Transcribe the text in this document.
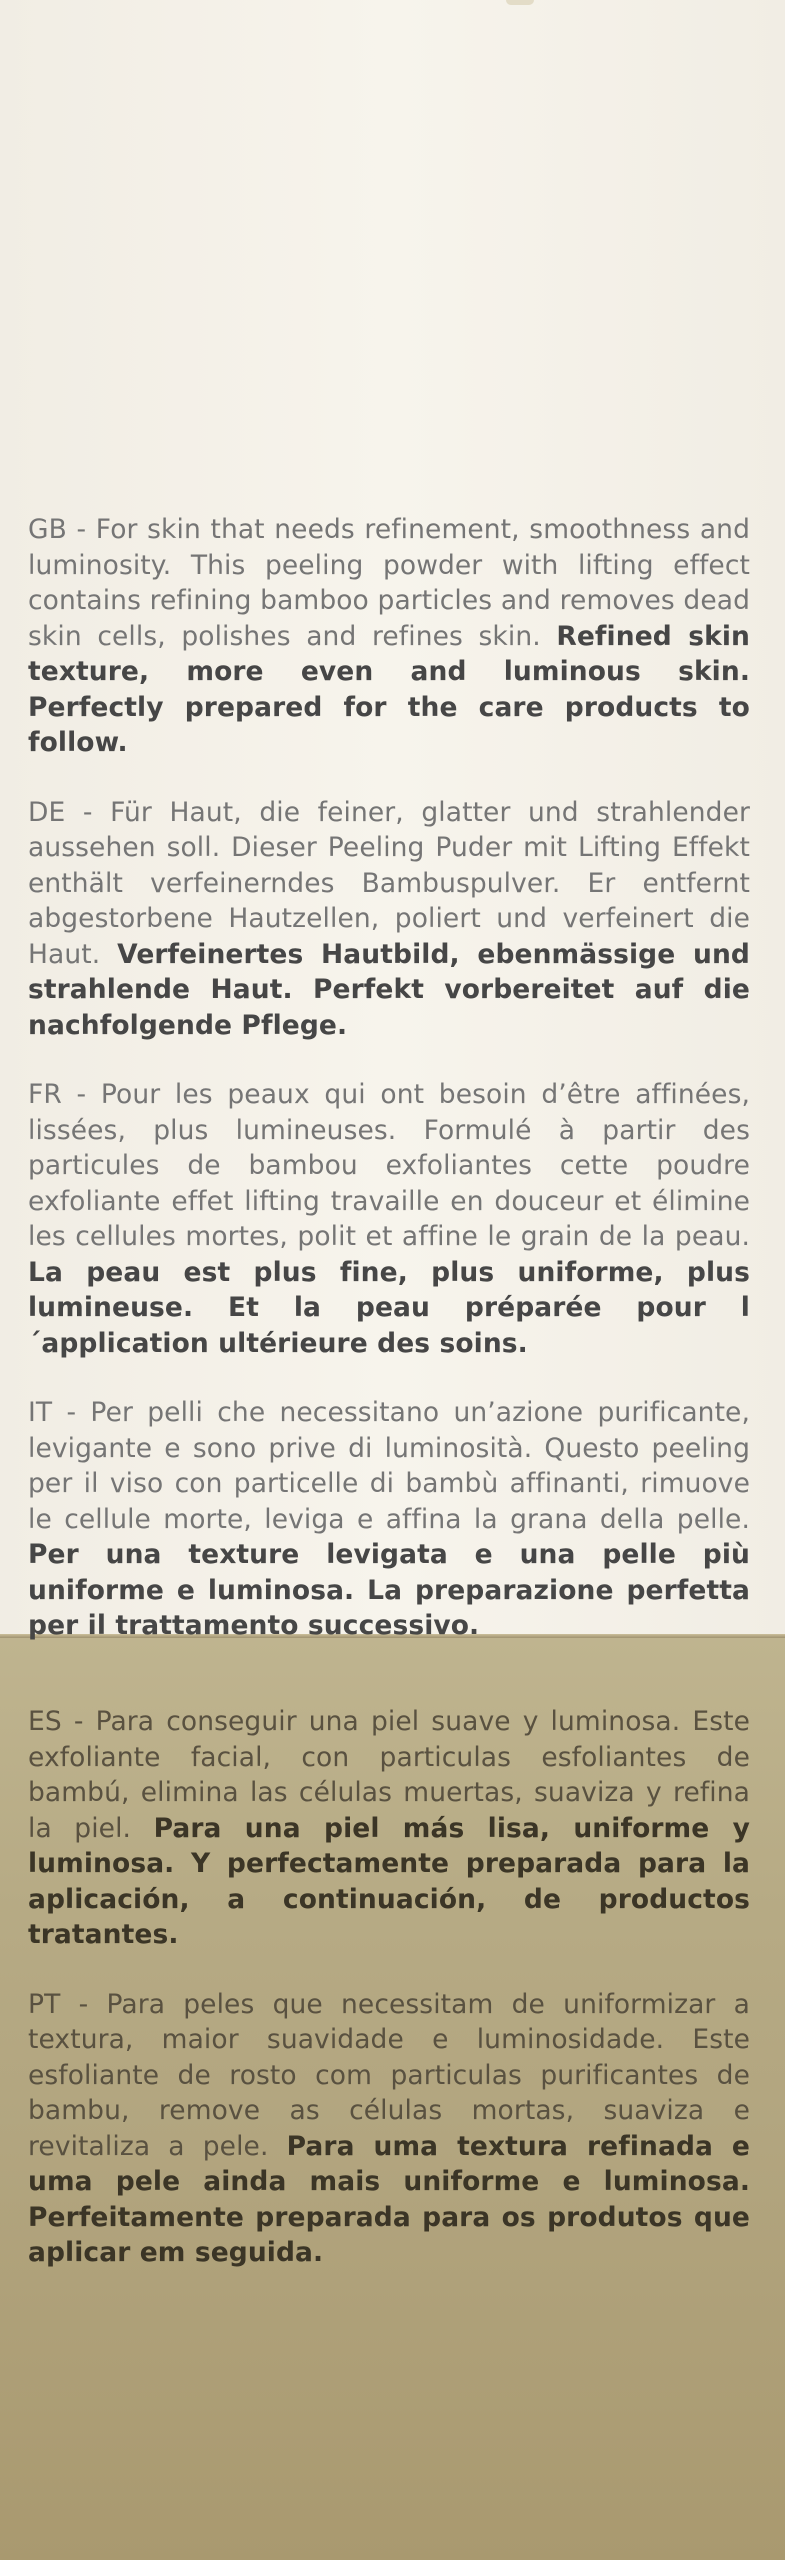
GB - For skin that needs refinement, smoothness and luminosity. This peeling powder with lifting effect contains refining bamboo particles and removes dead skin cells, polishes and refines skin. Refined skin texture, more even and luminous skin. Perfectly prepared for the care products to follow.

DE - Für Haut, die feiner, glatter und strahlender aussehen soll. Dieser Peeling Puder mit Lifting Effekt enthält verfeinerndes Bambuspulver. Er entfernt abgestorbene Hautzellen, poliert und verfeinert die Haut. Verfeinertes Hautbild, ebenmässige und strahlende Haut. Perfekt vorbereitet auf die nachfolgende Pflege.

FR - Pour les peaux qui ont besoin d’être affinées, lissées, plus lumineuses. Formulé à partir des particules de bambou exfoliantes cette poudre exfoliante effet lifting travaille en douceur et élimine les cellules mortes, polit et affine le grain de la peau. La peau est plus fine, plus uniforme, plus lumineuse. Et la peau préparée pour l´application ultérieure des soins.

IT - Per pelli che necessitano un’azione purificante, levigante e sono prive di luminosità. Questo peeling per il viso con particelle di bambù affinanti, rimuove le cellule morte, leviga e affina la grana della pelle. Per una texture levigata e una pelle più uniforme e luminosa. La preparazione perfetta per il trattamento successivo.

ES - Para conseguir una piel suave y luminosa. Este exfoliante facial, con particulas esfoliantes de bambú, elimina las células muertas, suaviza y refina la piel. Para una piel más lisa, uniforme y luminosa. Y perfectamente preparada para la aplicación, a continuación, de productos tratantes.

PT - Para peles que necessitam de uniformizar a textura, maior suavidade e luminosidade. Este esfoliante de rosto com particulas purificantes de bambu, remove as células mortas, suaviza e revitaliza a pele. Para uma textura refinada e uma pele ainda mais uniforme e luminosa. Perfeitamente preparada para os produtos que aplicar em seguida.
